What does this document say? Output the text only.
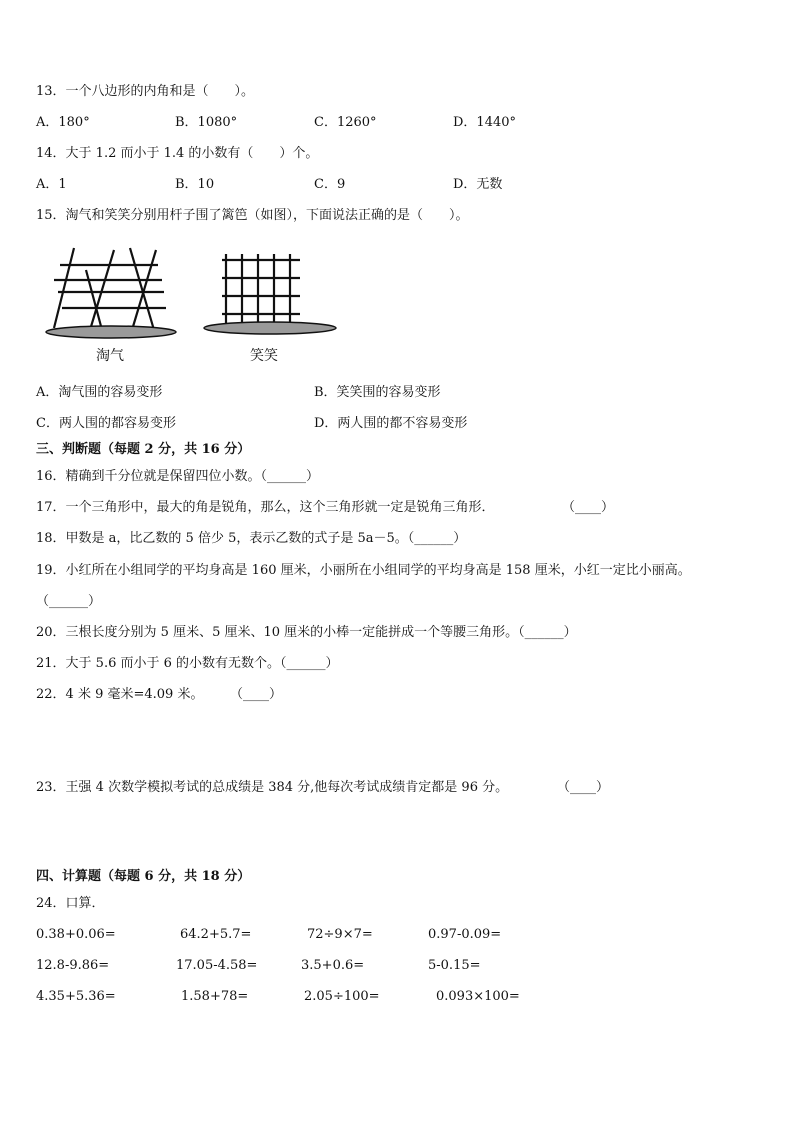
13．一个八边形的内角和是（　　）。
A．180°	B．1080°	C．1260°	D．1440°
14．大于 1.2 而小于 1.4 的小数有（　　）个。
A．1	B．10	C．9	D．无数
15．淘气和笑笑分别用杆子围了篱笆（如图），下面说法正确的是（　　）。
淘气	笑笑
A．淘气围的容易变形	B．笑笑围的容易变形
C．两人围的都容易变形	D．两人围的都不容易变形
三、判断题（每题 2 分，共 16 分）
16．精确到千分位就是保留四位小数。（______）
17．一个三角形中，最大的角是锐角，那么，这个三角形就一定是锐角三角形．	（____）
18．甲数是 a，比乙数的 5 倍少 5，表示乙数的式子是 5a－5。（______）
19．小红所在小组同学的平均身高是 160 厘米，小丽所在小组同学的平均身高是 158 厘米，小红一定比小丽高。
（______）
20．三根长度分别为 5 厘米、5 厘米、10 厘米的小棒一定能拼成一个等腰三角形。（______）
21．大于 5.6 而小于 6 的小数有无数个。（______）
22．4 米 9 毫米=4.09 米。 （____）
23．王强 4 次数学模拟考试的总成绩是 384 分,他每次考试成绩肯定都是 96 分。	（____）
四、计算题（每题 6 分，共 18 分）
24．口算．
0.38+0.06=	64.2+5.7=	72÷9×7=	0.97-0.09=
12.8-9.86=	17.05-4.58=	3.5+0.6=	5-0.15=
4.35+5.36=	1.58+78=	2.05÷100=	0.093×100=
